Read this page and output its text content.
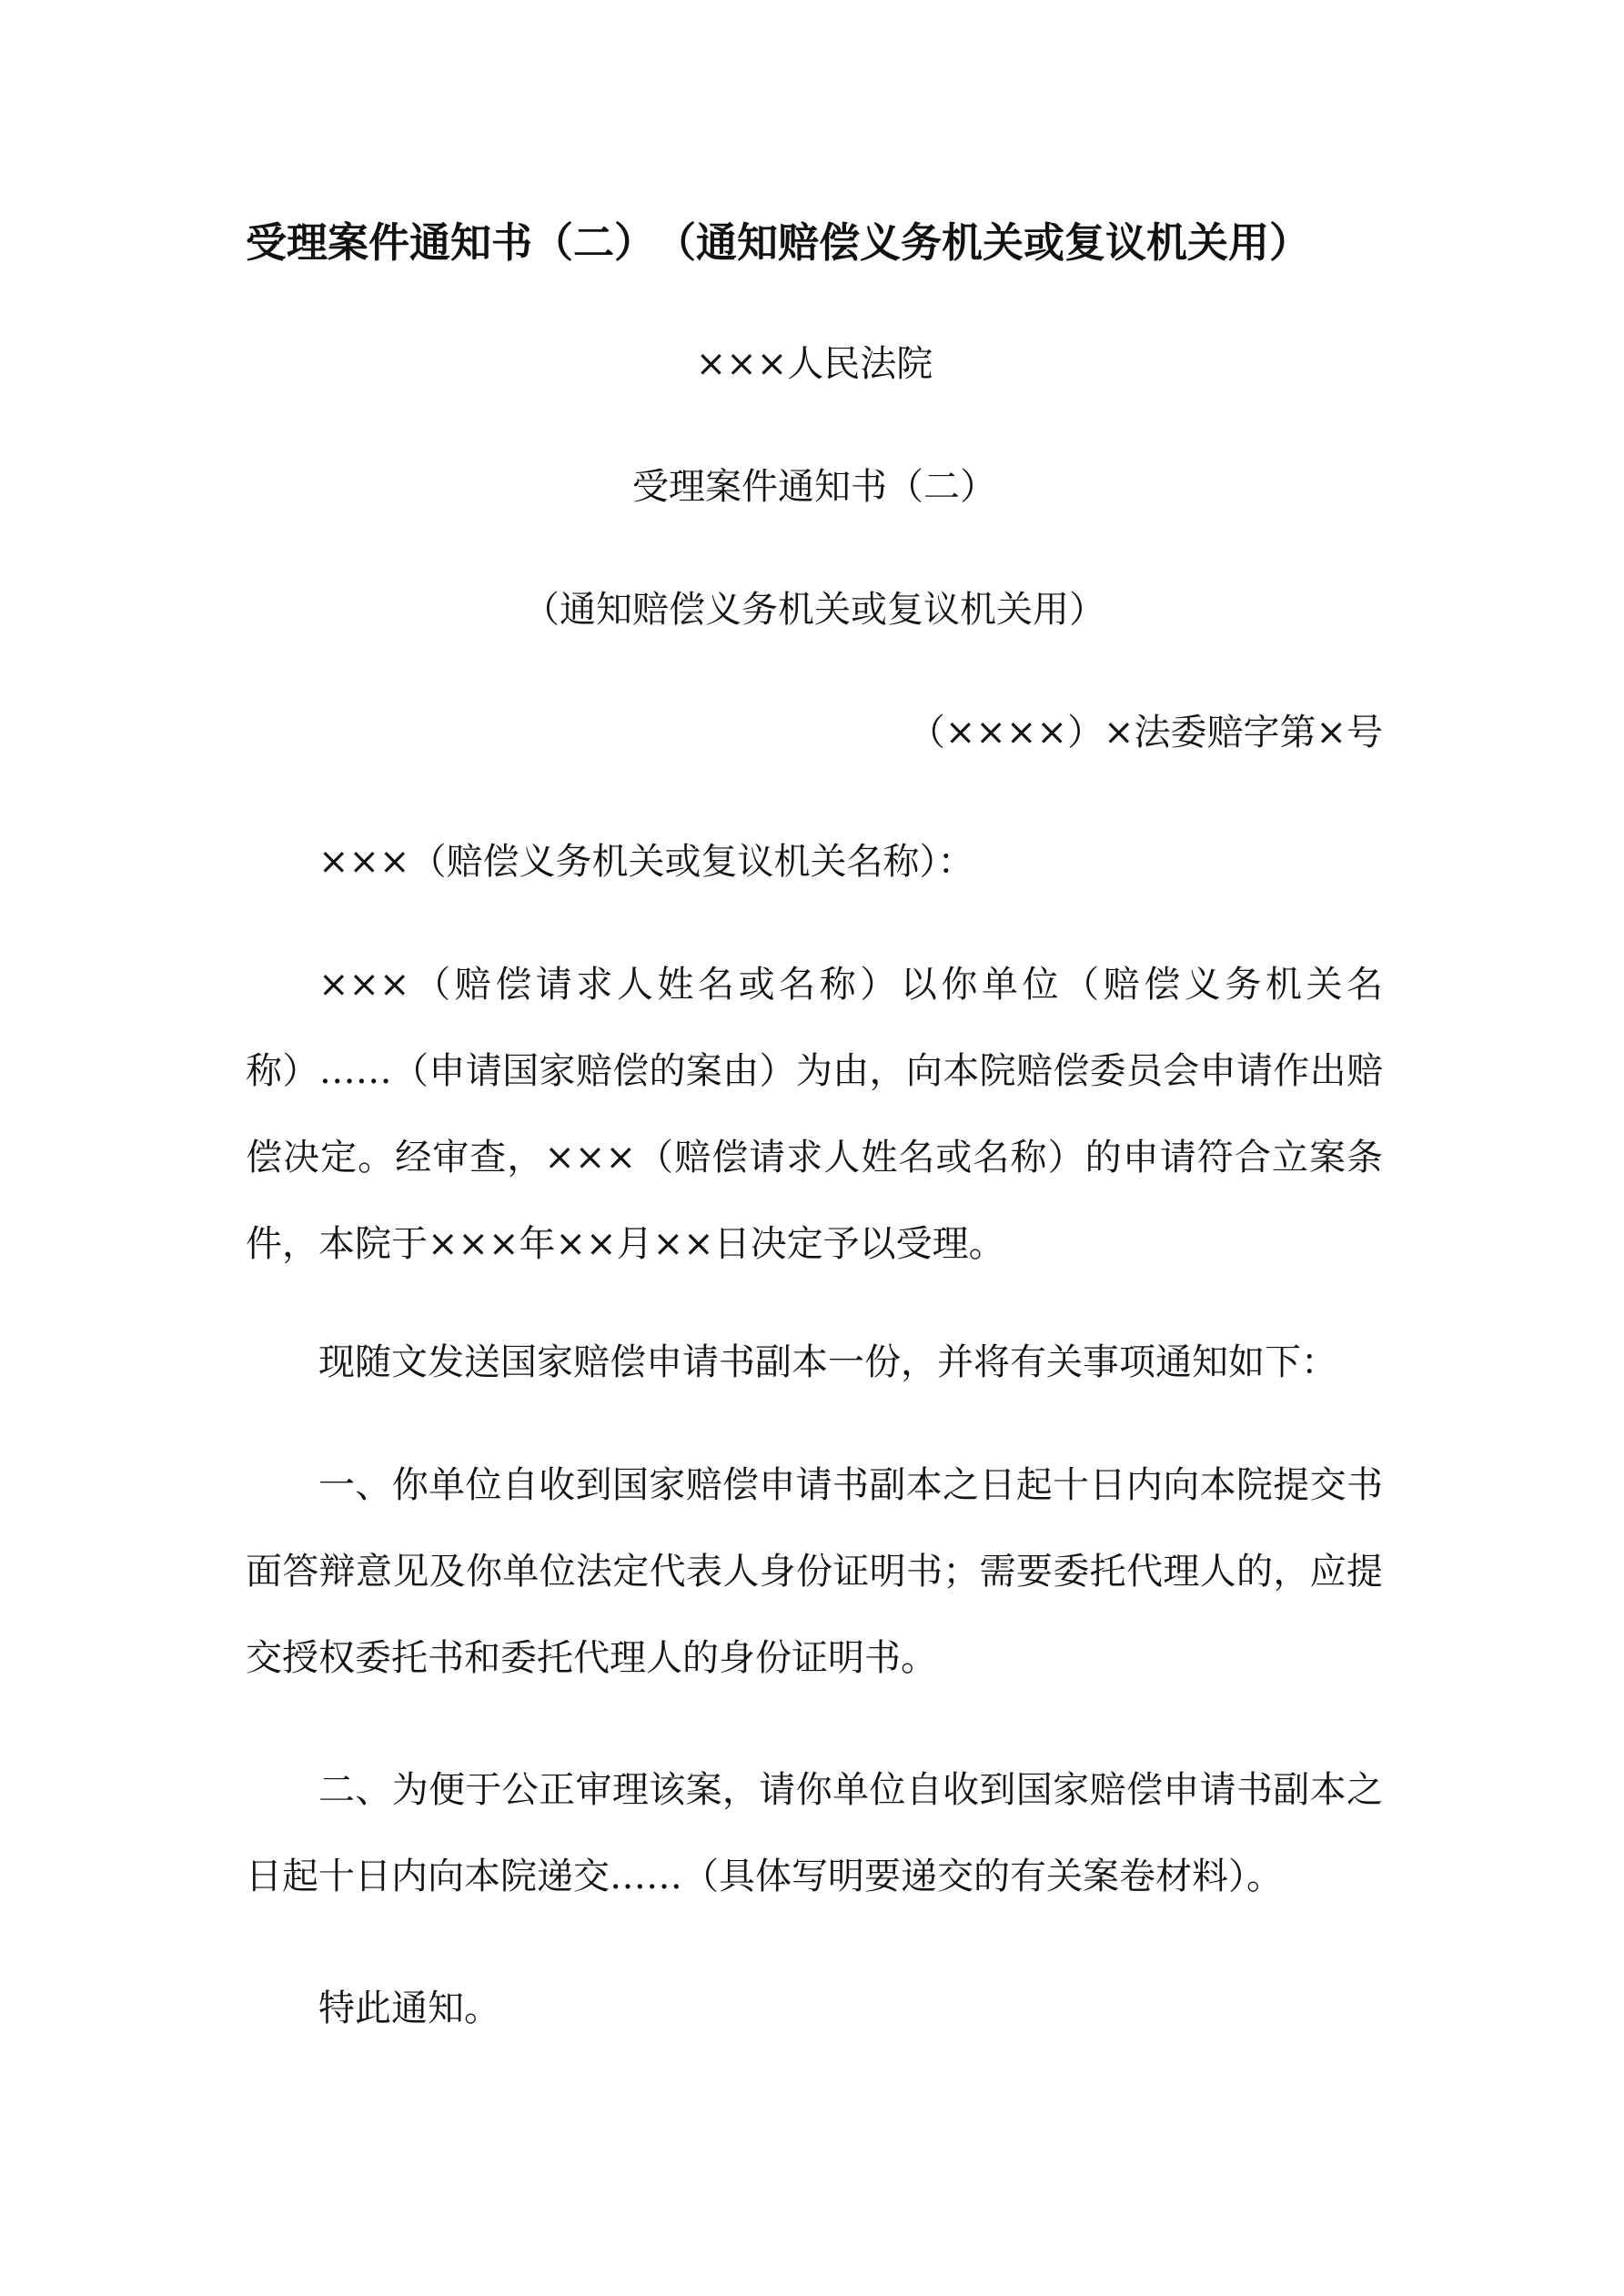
受理案件通知书（二）　（通知赔偿义务机关或复议机关用）
×××人民法院
受理案件通知书（二）
（通知赔偿义务机关或复议机关用）
（××××）×法委赔字第×号

×××（赔偿义务机关或复议机关名称）：

×××（赔偿请求人姓名或名称）以你单位（赔偿义务机关名称）……（申请国家赔偿的案由）为由，向本院赔偿委员会申请作出赔偿决定。经审查，×××（赔偿请求人姓名或名称）的申请符合立案条件，本院于×××年××月××日决定予以受理。

现随文发送国家赔偿申请书副本一份，并将有关事项通知如下：

一、你单位自收到国家赔偿申请书副本之日起十日内向本院提交书面答辩意见及你单位法定代表人身份证明书；需要委托代理人的，应提交授权委托书和委托代理人的身份证明书。

二、为便于公正审理该案，请你单位自收到国家赔偿申请书副本之日起十日内向本院递交……（具体写明要递交的有关案卷材料）。

特此通知。
